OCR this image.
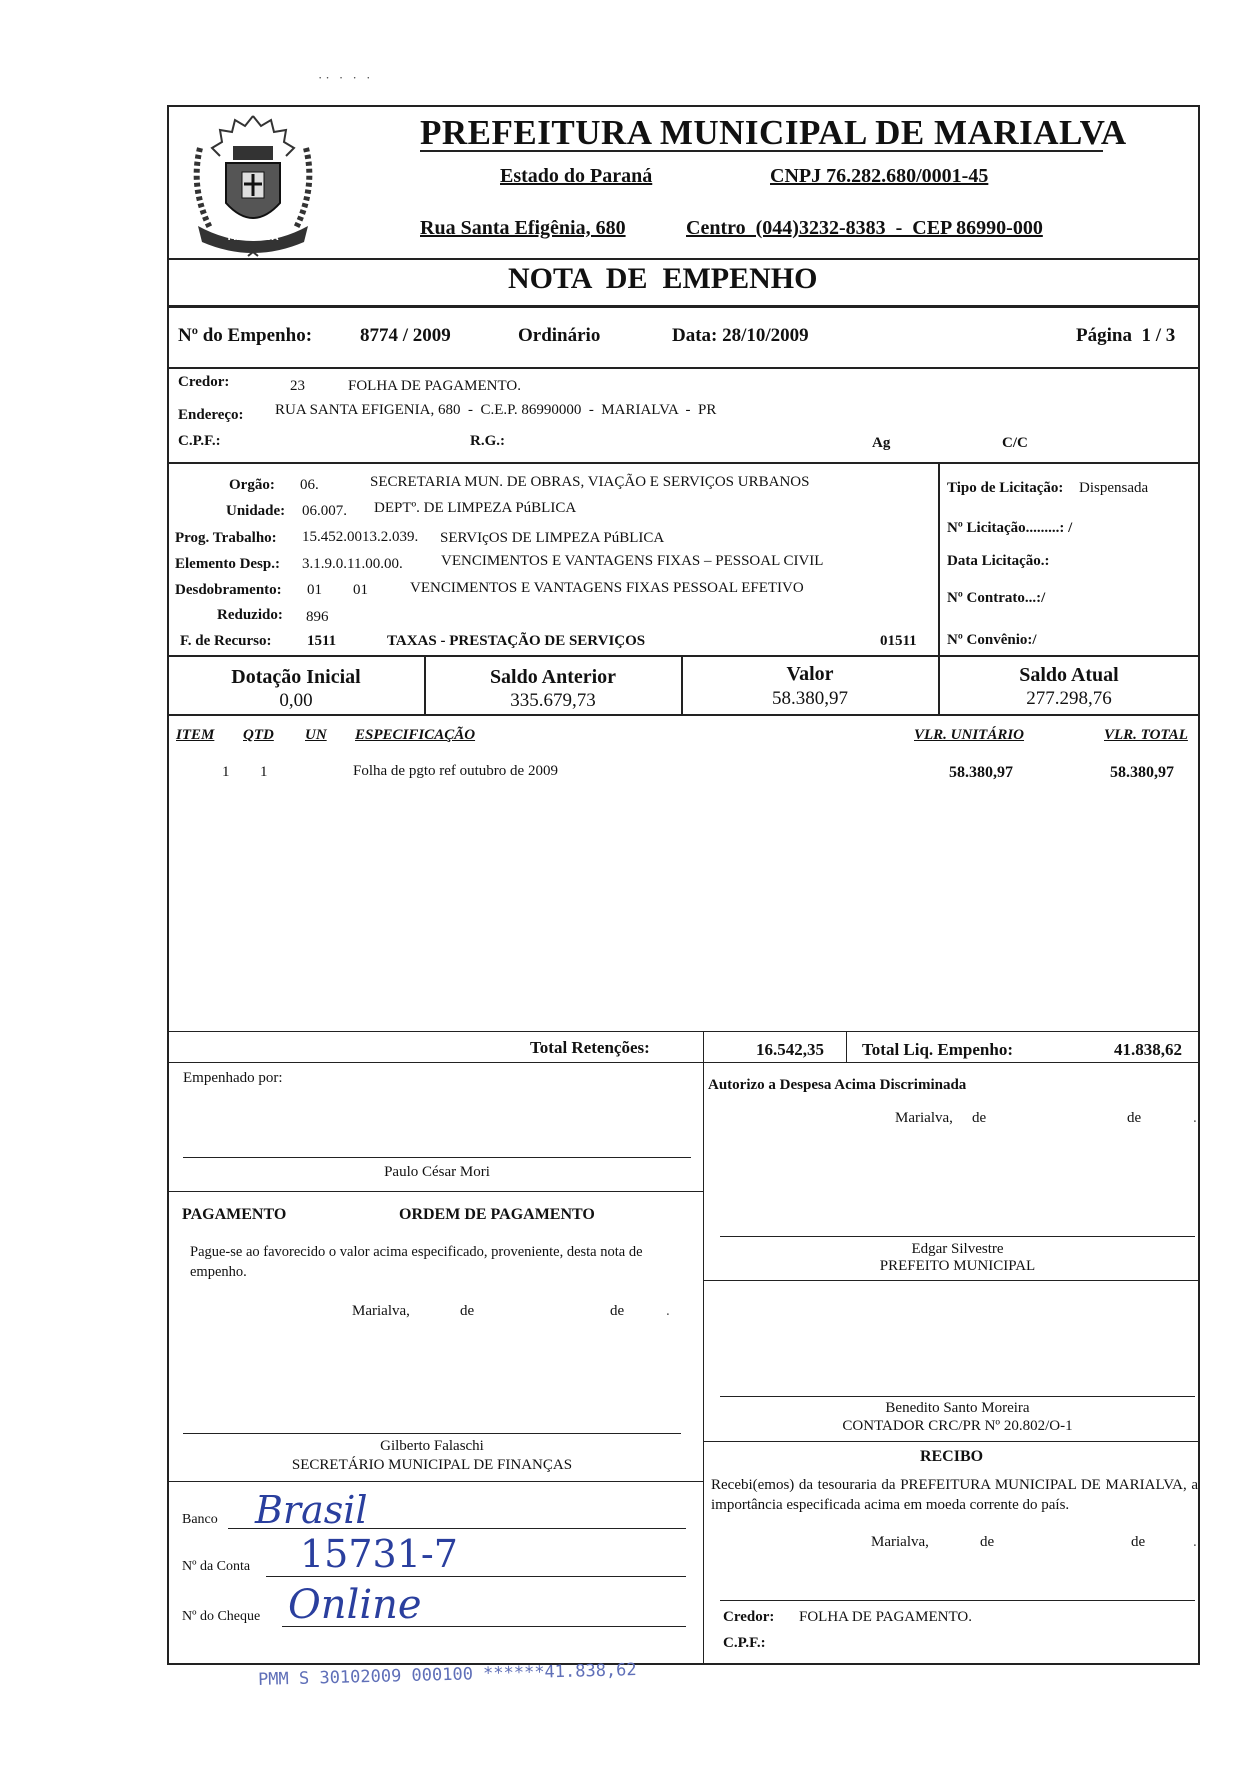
·· · · ·
MARIALVA
PREFEITURA MUNICIPAL DE MARIALVA
Estado do Paraná	CNPJ 76.282.680/0001-45
Rua Santa Efigênia, 680	Centro  (044)3232-8383  -  CEP 86990-000
NOTA  DE  EMPENHO
Nº do Empenho:	8774 / 2009	Ordinário	Data: 28/10/2009	Página  1 / 3
Credor:	23	FOLHA DE PAGAMENTO.
Endereço: RUA SANTA EFIGENIA, 680  -  C.E.P. 86990000  -  MARIALVA  -  PR
C.P.F.:	R.G.:	Ag	C/C
Orgão: 06.	SECRETARIA MUN. DE OBRAS, VIAÇÃO E SERVIÇOS URBANOS
Unidade: 06.007. DEPTº. DE LIMPEZA PúBLICA
Prog. Trabalho: 15.452.0013.2.039. SERVIçOS DE LIMPEZA PúBLICA
Elemento Desp.: 3.1.9.0.11.00.00.	VENCIMENTOS E VANTAGENS FIXAS – PESSOAL CIVIL
Desdobramento: 01 01	VENCIMENTOS E VANTAGENS FIXAS PESSOAL EFETIVO
Reduzido: 896
F. de Recurso: 1511	TAXAS - PRESTAÇÃO DE SERVIÇOS	01511
Tipo de Licitação: Dispensada
Nº Licitação.........: /
Data Licitação.:
Nº Contrato...:/
Nº Convênio:/
Dotação Inicial
0,00
Saldo Anterior
335.679,73
Valor
58.380,97
Saldo Atual
277.298,76
ITEM QTD UN ESPECIFICAÇÃO	VLR. UNITÁRIO	VLR. TOTAL
1 1	Folha de pgto ref outubro de 2009	58.380,97	58.380,97
Total Retenções:	16.542,35 Total Liq. Empenho:	41.838,62
Empenhado por:
Paulo César Mori
PAGAMENTO	ORDEM DE PAGAMENTO
Pague-se ao favorecido o valor acima especificado, proveniente, desta nota de empenho.
Marialva,	de	de	.
Gilberto Falaschi
SECRETÁRIO MUNICIPAL DE FINANÇAS
Banco Brasil
Nº da Conta 15731-7
Nº do Cheque Online
Autorizo a Despesa Acima Discriminada
Marialva, de	de	.
Edgar Silvestre
PREFEITO MUNICIPAL
Benedito Santo Moreira
CONTADOR CRC/PR Nº 20.802/O-1
RECIBO
Recebi(emos) da tesouraria da PREFEITURA MUNICIPAL DE MARIALVA, a importância especificada acima em moeda corrente do país.
Marialva,	de	de	.
Credor: FOLHA DE PAGAMENTO.
C.P.F.:
PMM S 30102009 000100 ******41.838,62
